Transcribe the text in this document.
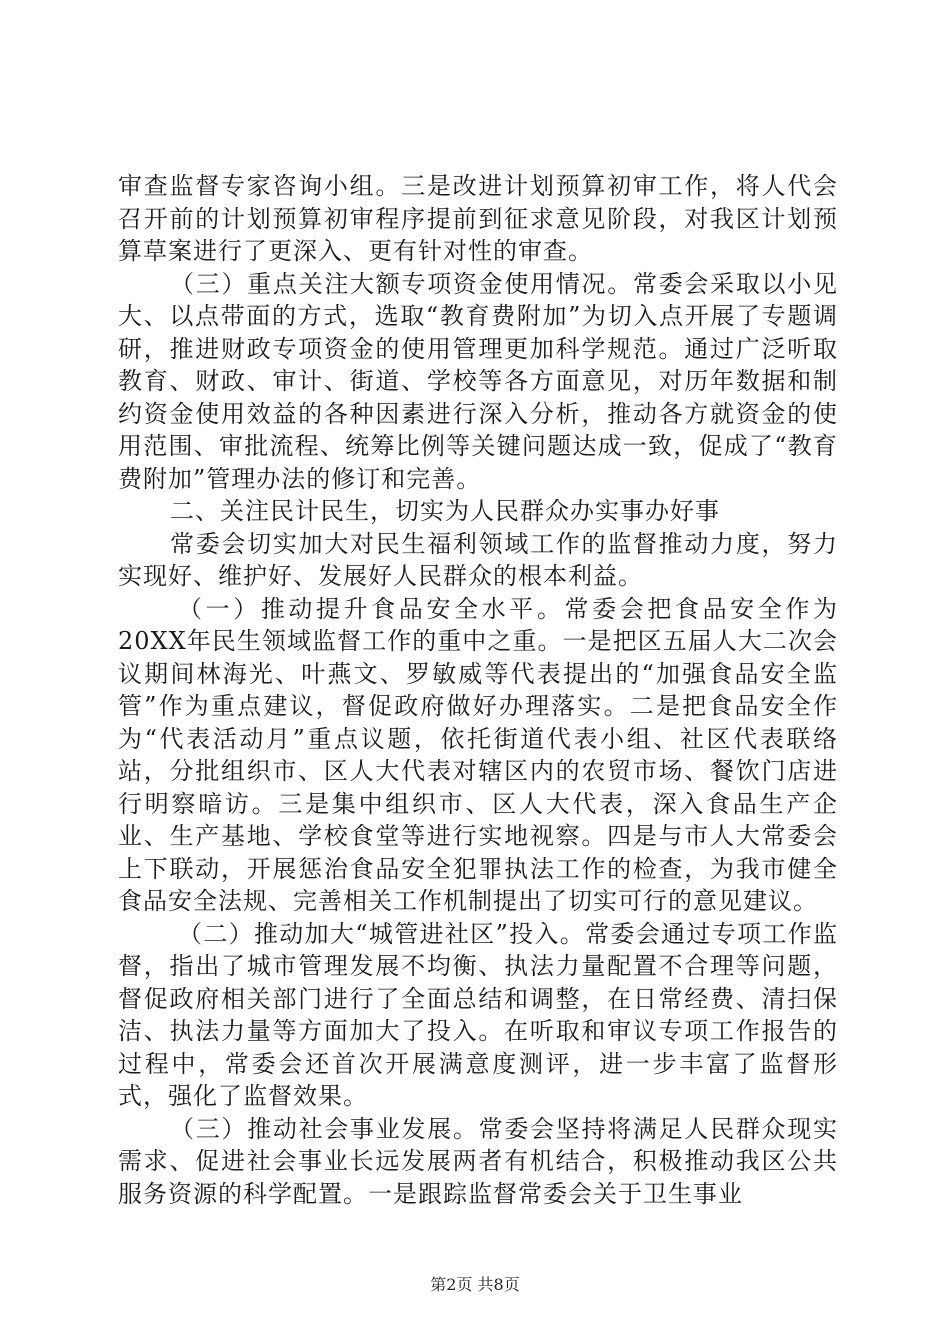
审查监督专家咨询小组。三是改进计划预算初审工作，将人代会召开前的计划预算初审程序提前到征求意见阶段，对我区计划预算草案进行了更深入、更有针对性的审查。

（三）重点关注大额专项资金使用情况。常委会采取以小见大、以点带面的方式，选取“教育费附加”为切入点开展了专题调研，推进财政专项资金的使用管理更加科学规范。通过广泛听取教育、财政、审计、街道、学校等各方面意见，对历年数据和制约资金使用效益的各种因素进行深入分析，推动各方就资金的使用范围、审批流程、统筹比例等关键问题达成一致，促成了“教育费附加”管理办法的修订和完善。

二、关注民计民生，切实为人民群众办实事办好事

常委会切实加大对民生福利领域工作的监督推动力度，努力实现好、维护好、发展好人民群众的根本利益。

（一）推动提升食品安全水平。常委会把食品安全作为20XX年民生领域监督工作的重中之重。一是把区五届人大二次会议期间林海光、叶燕文、罗敏威等代表提出的“加强食品安全监管”作为重点建议，督促政府做好办理落实。二是把食品安全作为“代表活动月”重点议题，依托街道代表小组、社区代表联络站，分批组织市、区人大代表对辖区内的农贸市场、餐饮门店进行明察暗访。三是集中组织市、区人大代表，深入食品生产企业、生产基地、学校食堂等进行实地视察。四是与市人大常委会上下联动，开展惩治食品安全犯罪执法工作的检查，为我市健全食品安全法规、完善相关工作机制提出了切实可行的意见建议。

（二）推动加大“城管进社区”投入。常委会通过专项工作监督，指出了城市管理发展不均衡、执法力量配置不合理等问题，督促政府相关部门进行了全面总结和调整，在日常经费、清扫保洁、执法力量等方面加大了投入。在听取和审议专项工作报告的过程中，常委会还首次开展满意度测评，进一步丰富了监督形式，强化了监督效果。

（三）推动社会事业发展。常委会坚持将满足人民群众现实需求、促进社会事业长远发展两者有机结合，积极推动我区公共服务资源的科学配置。一是跟踪监督常委会关于卫生事业

第2页 共8页
